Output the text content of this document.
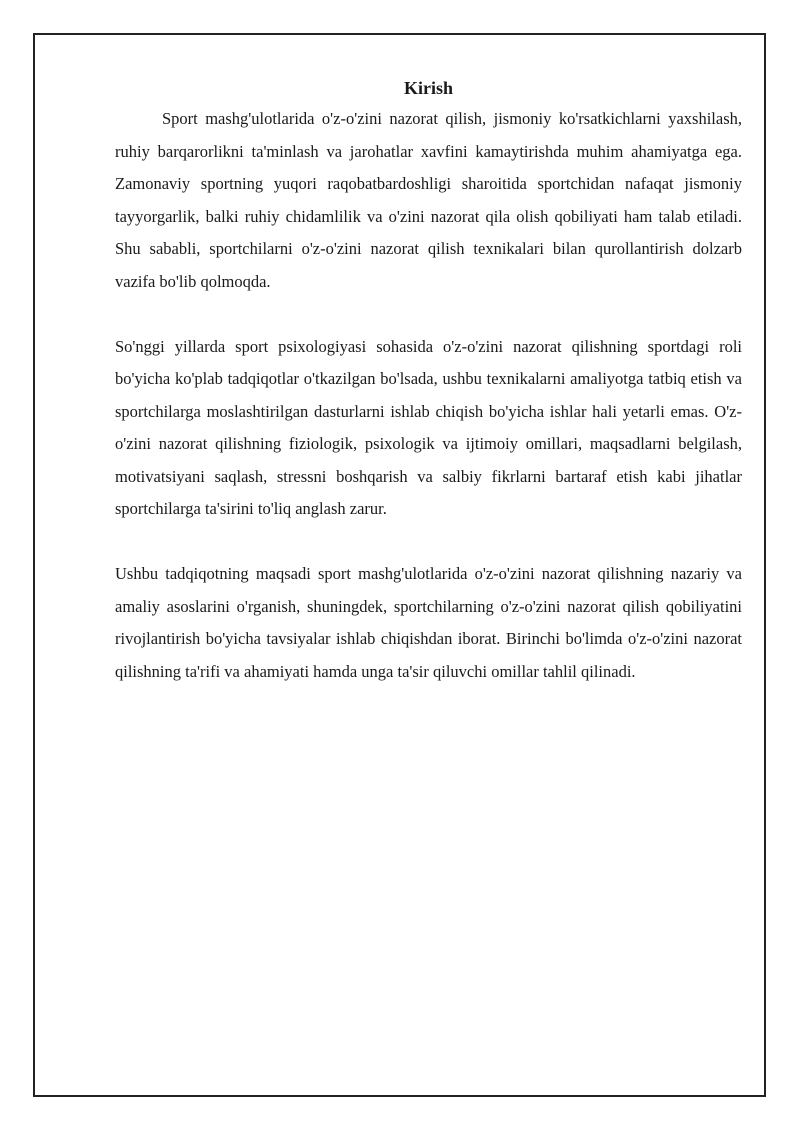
Kirish

Sport mashg'ulotlarida o'z-o'zini nazorat qilish, jismoniy ko'rsatkichlarni yaxshilash, ruhiy barqarorlikni ta'minlash va jarohatlar xavfini kamaytirishda muhim ahamiyatga ega. Zamonaviy sportning yuqori raqobatbardoshligi sharoitida sportchidan nafaqat jismoniy tayyorgarlik, balki ruhiy chidamlilik va o'zini nazorat qila olish qobiliyati ham talab etiladi. Shu sababli, sportchilarni o'z-o'zini nazorat qilish texnikalari bilan qurollantirish dolzarb vazifa bo'lib qolmoqda.

So'nggi yillarda sport psixologiyasi sohasida o'z-o'zini nazorat qilishning sportdagi roli bo'yicha ko'plab tadqiqotlar o'tkazilgan bo'lsada, ushbu texnikalarni amaliyotga tatbiq etish va sportchilarga moslashtirilgan dasturlarni ishlab chiqish bo'yicha ishlar hali yetarli emas. O'z-o'zini nazorat qilishning fiziologik, psixologik va ijtimoiy omillari, maqsadlarni belgilash, motivatsiyani saqlash, stressni boshqarish va salbiy fikrlarni bartaraf etish kabi jihatlar sportchilarga ta'sirini to'liq anglash zarur.

Ushbu tadqiqotning maqsadi sport mashg'ulotlarida o'z-o'zini nazorat qilishning nazariy va amaliy asoslarini o'rganish, shuningdek, sportchilarning o'z-o'zini nazorat qilish qobiliyatini rivojlantirish bo'yicha tavsiyalar ishlab chiqishdan iborat. Birinchi bo'limda o'z-o'zini nazorat qilishning ta'rifi va ahamiyati hamda unga ta'sir qiluvchi omillar tahlil qilinadi.
